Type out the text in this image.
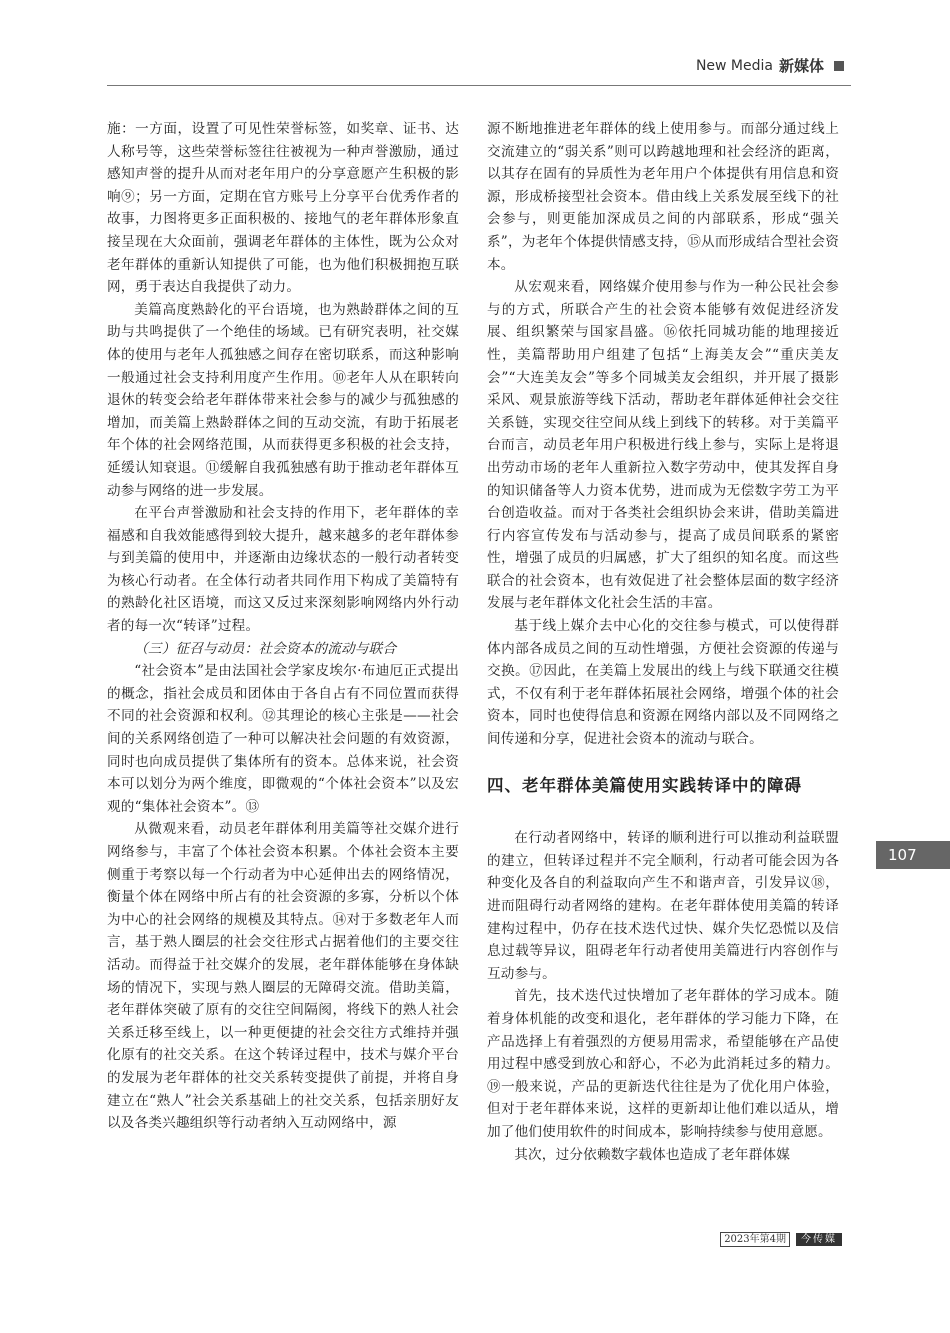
New Media 新媒体

施：一方面，设置了可见性荣誉标签，如奖章、证书、达人称号等，这些荣誉标签往往被视为一种声誉激励，通过感知声誉的提升从而对老年用户的分享意愿产生积极的影响⑨；另一方面，定期在官方账号上分享平台优秀作者的故事，力图将更多正面积极的、接地气的老年群体形象直接呈现在大众面前，强调老年群体的主体性，既为公众对老年群体的重新认知提供了可能，也为他们积极拥抱互联网，勇于表达自我提供了动力。

美篇高度熟龄化的平台语境，也为熟龄群体之间的互助与共鸣提供了一个绝佳的场域。已有研究表明，社交媒体的使用与老年人孤独感之间存在密切联系，而这种影响一般通过社会支持利用度产生作用。⑩老年人从在职转向退休的转变会给老年群体带来社会参与的减少与孤独感的增加，而美篇上熟龄群体之间的互动交流，有助于拓展老年个体的社会网络范围，从而获得更多积极的社会支持，延缓认知衰退。⑪缓解自我孤独感有助于推动老年群体互动参与网络的进一步发展。

在平台声誉激励和社会支持的作用下，老年群体的幸福感和自我效能感得到较大提升，越来越多的老年群体参与到美篇的使用中，并逐渐由边缘状态的一般行动者转变为核心行动者。在全体行动者共同作用下构成了美篇特有的熟龄化社区语境，而这又反过来深刻影响网络内外行动者的每一次“转译”过程。

（三）征召与动员：社会资本的流动与联合

“社会资本”是由法国社会学家皮埃尔·布迪厄正式提出的概念，指社会成员和团体由于各自占有不同位置而获得不同的社会资源和权利。⑫其理论的核心主张是——社会间的关系网络创造了一种可以解决社会问题的有效资源，同时也向成员提供了集体所有的资本。总体来说，社会资本可以划分为两个维度，即微观的“个体社会资本”以及宏观的“集体社会资本”。⑬

从微观来看，动员老年群体利用美篇等社交媒介进行网络参与，丰富了个体社会资本积累。个体社会资本主要侧重于考察以每一个行动者为中心延伸出去的网络情况，衡量个体在网络中所占有的社会资源的多寡，分析以个体为中心的社会网络的规模及其特点。⑭对于多数老年人而言，基于熟人圈层的社会交往形式占据着他们的主要交往活动。而得益于社交媒介的发展，老年群体能够在身体缺场的情况下，实现与熟人圈层的无障碍交流。借助美篇，老年群体突破了原有的交往空间隔阂，将线下的熟人社会关系迁移至线上，以一种更便捷的社会交往方式维持并强化原有的社交关系。在这个转译过程中，技术与媒介平台的发展为老年群体的社交关系转变提供了前提，并将自身建立在“熟人”社会关系基础上的社交关系，包括亲朋好友以及各类兴趣组织等行动者纳入互动网络中，源

源不断地推进老年群体的线上使用参与。而部分通过线上交流建立的“弱关系”则可以跨越地理和社会经济的距离，以其存在固有的异质性为老年用户个体提供有用信息和资源，形成桥接型社会资本。借由线上关系发展至线下的社会参与，则更能加深成员之间的内部联系，形成“强关系”，为老年个体提供情感支持，⑮从而形成结合型社会资本。

从宏观来看，网络媒介使用参与作为一种公民社会参与的方式，所联合产生的社会资本能够有效促进经济发展、组织繁荣与国家昌盛。⑯依托同城功能的地理接近性，美篇帮助用户组建了包括“上海美友会”“重庆美友会”“大连美友会”等多个同城美友会组织，并开展了摄影采风、观景旅游等线下活动，帮助老年群体延伸社会交往关系链，实现交往空间从线上到线下的转移。对于美篇平台而言，动员老年用户积极进行线上参与，实际上是将退出劳动市场的老年人重新拉入数字劳动中，使其发挥自身的知识储备等人力资本优势，进而成为无偿数字劳工为平台创造收益。而对于各类社会组织协会来讲，借助美篇进行内容宣传发布与活动参与，提高了成员间联系的紧密性，增强了成员的归属感，扩大了组织的知名度。而这些联合的社会资本，也有效促进了社会整体层面的数字经济发展与老年群体文化社会生活的丰富。

基于线上媒介去中心化的交往参与模式，可以使得群体内部各成员之间的互动性增强，方便社会资源的传递与交换。⑰因此，在美篇上发展出的线上与线下联通交往模式，不仅有利于老年群体拓展社会网络，增强个体的社会资本，同时也使得信息和资源在网络内部以及不同网络之间传递和分享，促进社会资本的流动与联合。

四、老年群体美篇使用实践转译中的障碍

在行动者网络中，转译的顺利进行可以推动利益联盟的建立，但转译过程并不完全顺利，行动者可能会因为各种变化及各自的利益取向产生不和谐声音，引发异议⑱，进而阻碍行动者网络的建构。在老年群体使用美篇的转译建构过程中，仍存在技术迭代过快、媒介失忆恐慌以及信息过载等异议，阻碍老年行动者使用美篇进行内容创作与互动参与。

首先，技术迭代过快增加了老年群体的学习成本。随着身体机能的改变和退化，老年群体的学习能力下降，在产品选择上有着强烈的方便易用需求，希望能够在产品使用过程中感受到放心和舒心，不必为此消耗过多的精力。⑲一般来说，产品的更新迭代往往是为了优化用户体验，但对于老年群体来说，这样的更新却让他们难以适从，增加了他们使用软件的时间成本，影响持续参与使用意愿。

其次，过分依赖数字载体也造成了老年群体媒

107
2023年第4期	今传媒
